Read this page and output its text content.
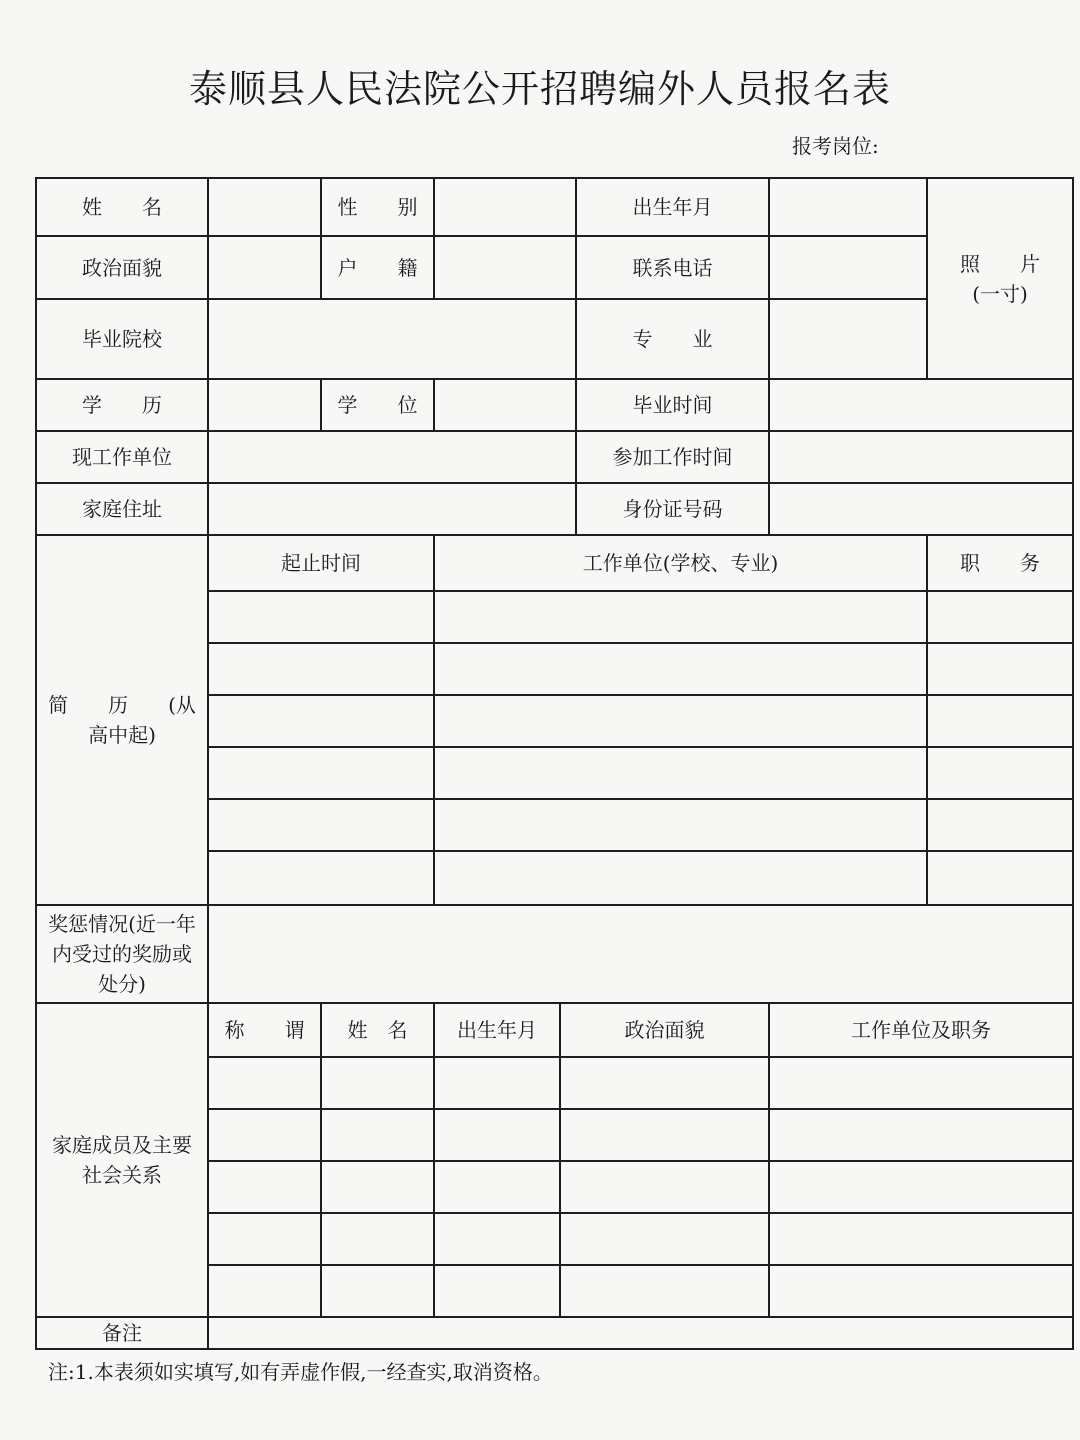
泰顺县人民法院公开招聘编外人员报名表
报考岗位:
姓　　名		性　　别			出生年月		照　　片
(一寸)

政治面貌		户　　籍			联系电话		
毕业院校					专　　业		
学　　历		学　　位			毕业时间		
现工作单位					参加工作时间		
家庭住址					身份证号码		
简　　历　　(从高中起)	起止时间		工作单位(学校、专业)				职　　务

奖惩情况(近一年内受过的奖励或处分)							
家庭成员及主要社会关系	称　　谓	姓　名	出生年月	政治面貌		工作单位及职务	

备注							
注:1.本表须如实填写,如有弄虚作假,一经查实,取消资格。
